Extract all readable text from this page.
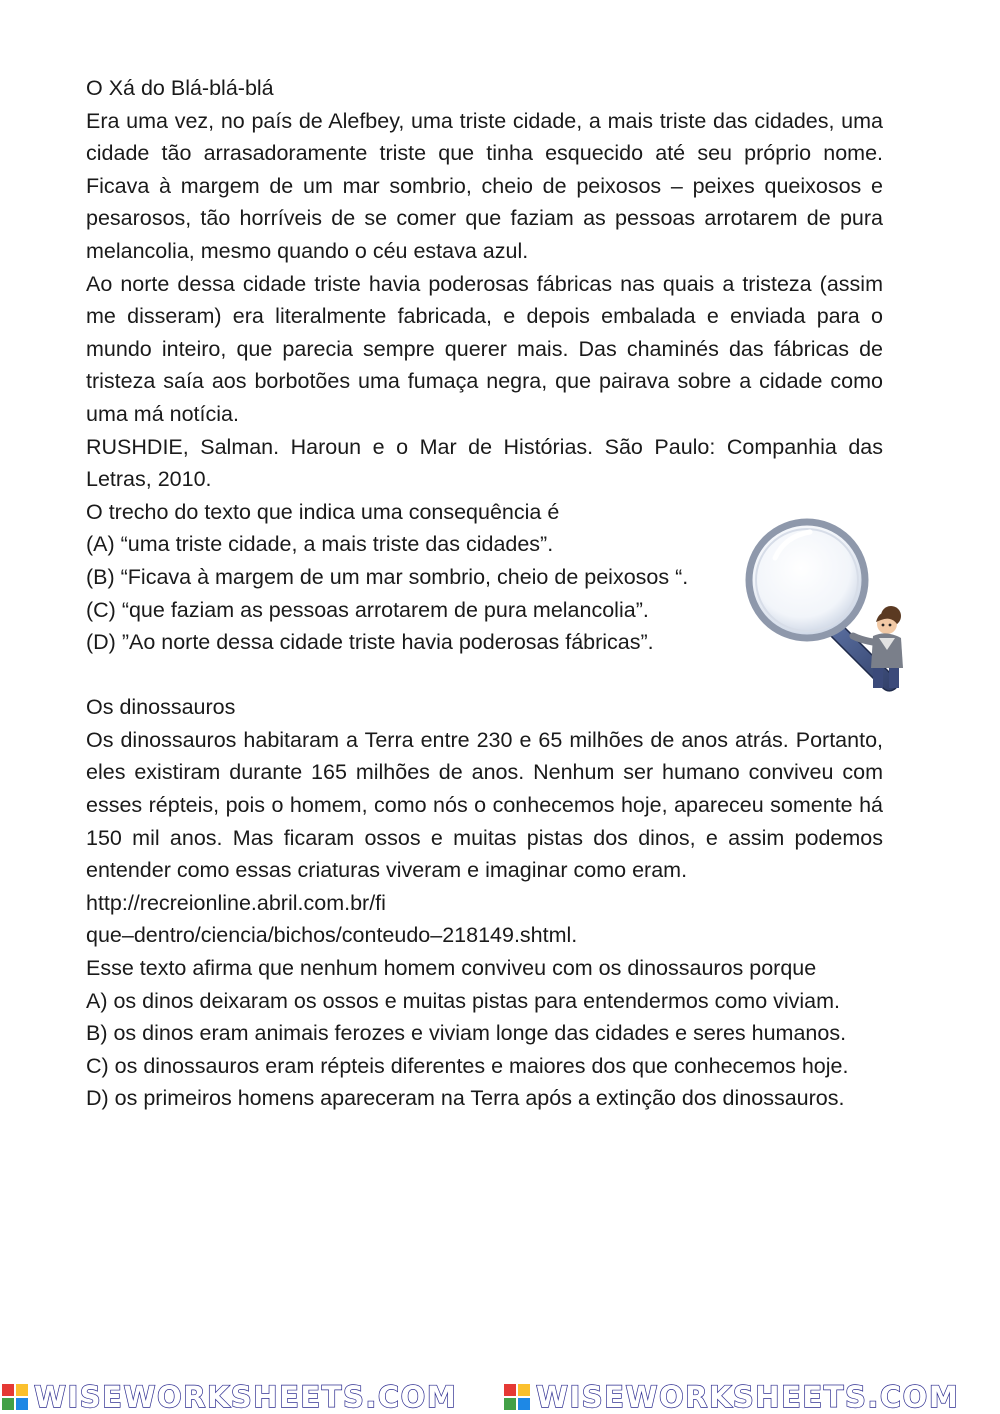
O Xá do Blá-blá-blá

Era uma vez, no país de Alefbey, uma triste cidade, a mais triste das cidades, uma cidade tão arrasadoramente triste que tinha esquecido até seu próprio nome. Ficava à margem de um mar sombrio, cheio de peixosos – peixes queixosos e pesarosos, tão horríveis de se comer que faziam as pessoas arrotarem de pura melancolia, mesmo quando o céu estava azul.

Ao norte dessa cidade triste havia poderosas fábricas nas quais a tristeza (assim me disseram) era literalmente fabricada, e depois embalada e enviada para o mundo inteiro, que parecia sempre querer mais. Das chaminés das fábricas de tristeza saía aos borbotões uma fumaça negra, que pairava sobre a cidade como uma má notícia.

RUSHDIE, Salman. Haroun e o Mar de Histórias. São Paulo: Companhia das Letras, 2010.

O trecho do texto que indica uma consequência é

(A) “uma triste cidade, a mais triste das cidades”.

(B) “Ficava à margem de um mar sombrio, cheio de peixosos “.

(C) “que faziam as pessoas arrotarem de pura melancolia”.

(D) ”Ao norte dessa cidade triste havia poderosas fábricas”.

Os dinossauros

Os dinossauros habitaram a Terra entre 230 e 65 milhões de anos atrás. Portanto, eles existiram durante 165 milhões de anos. Nenhum ser humano conviveu com esses répteis, pois o homem, como nós o conhecemos hoje, apareceu somente há 150 mil anos. Mas ficaram ossos e muitas pistas dos dinos, e assim podemos entender como essas criaturas viveram e imaginar como eram.

http://recreionline.abril.com.br/fi

que–dentro/ciencia/bichos/conteudo–218149.shtml.

Esse texto afirma que nenhum homem conviveu com os dinossauros porque

A) os dinos deixaram os ossos e muitas pistas para entendermos como viviam.

B) os dinos eram animais ferozes e viviam longe das cidades e seres humanos.

C) os dinossauros eram répteis diferentes e maiores dos que conhecemos hoje.

D) os primeiros homens apareceram na Terra após a extinção dos dinossauros.

WISEWORKSHEETS.COM	WISEWORKSHEETS.COM
